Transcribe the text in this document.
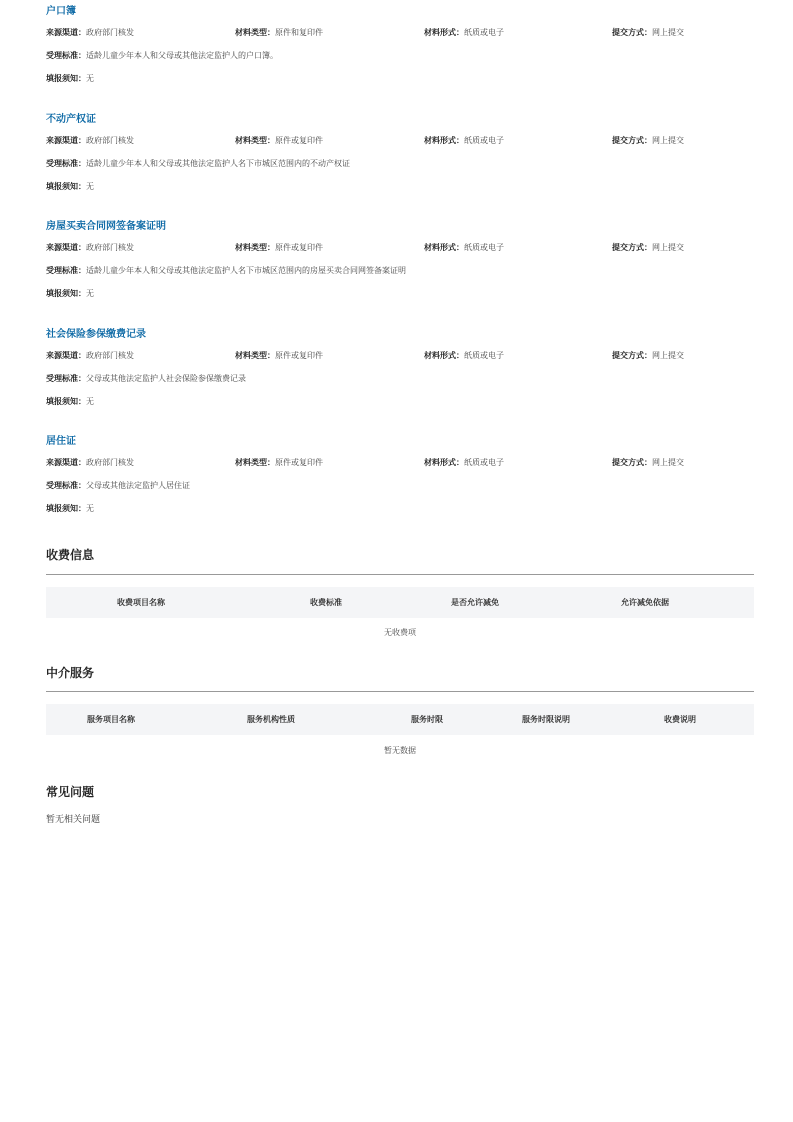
户口簿
来源渠道：政府部门核发	材料类型：原件和复印件	材料形式：纸质或电子	提交方式：网上提交
受理标准：适龄儿童少年本人和父母或其他法定监护人的户口簿。
填报须知：无
不动产权证
来源渠道：政府部门核发	材料类型：原件或复印件	材料形式：纸质或电子	提交方式：网上提交
受理标准：适龄儿童少年本人和父母或其他法定监护人名下市城区范围内的不动产权证
填报须知：无
房屋买卖合同网签备案证明
来源渠道：政府部门核发	材料类型：原件或复印件	材料形式：纸质或电子	提交方式：网上提交
受理标准：适龄儿童少年本人和父母或其他法定监护人名下市城区范围内的房屋买卖合同网签备案证明
填报须知：无
社会保险参保缴费记录
来源渠道：政府部门核发	材料类型：原件或复印件	材料形式：纸质或电子	提交方式：网上提交
受理标准：父母或其他法定监护人社会保险参保缴费记录
填报须知：无
居住证
来源渠道：政府部门核发	材料类型：原件或复印件	材料形式：纸质或电子	提交方式：网上提交
受理标准：父母或其他法定监护人居住证
填报须知：无
收费信息
收费项目名称	收费标准	是否允许减免	允许减免依据
无收费项
中介服务
服务项目名称	服务机构性质	服务时限	服务时限说明	收费说明
暂无数据
常见问题
暂无相关问题
